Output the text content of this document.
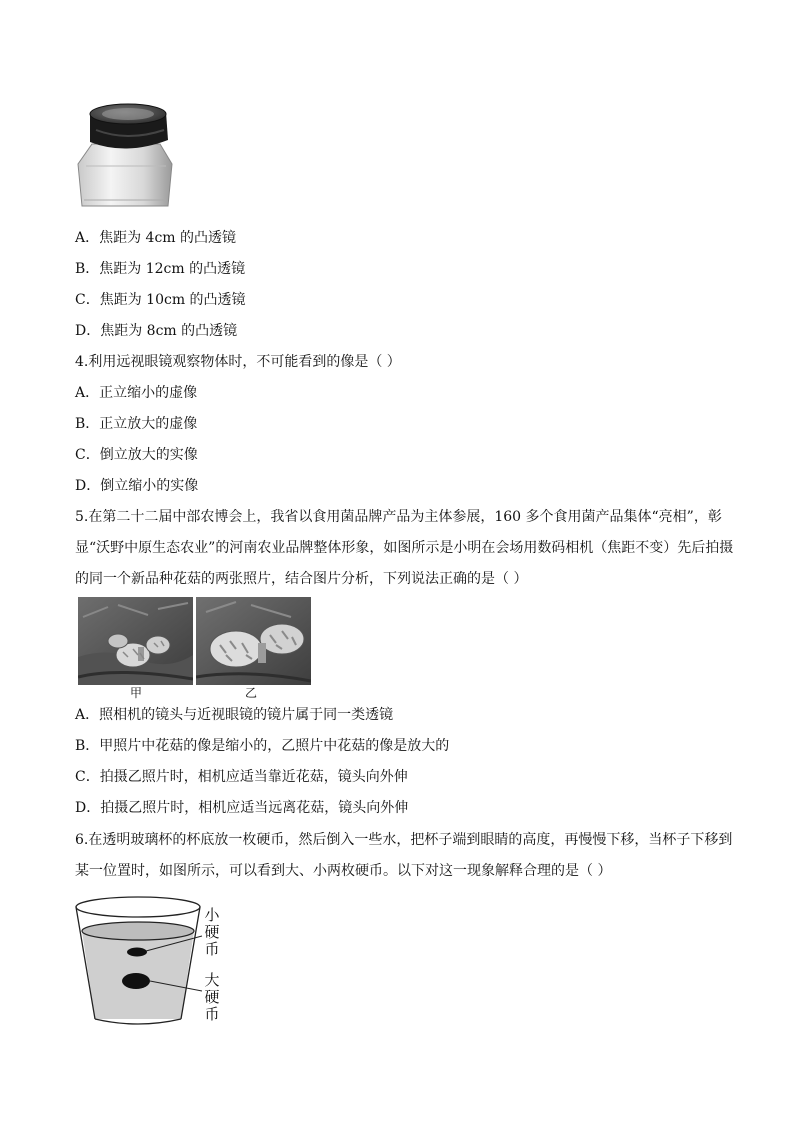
A．焦距为 4cm 的凸透镜
B．焦距为 12cm 的凸透镜
C．焦距为 10cm 的凸透镜
D．焦距为 8cm 的凸透镜
4.利用远视眼镜观察物体时，不可能看到的像是（ ）
A．正立缩小的虚像
B．正立放大的虚像
C．倒立放大的实像
D．倒立缩小的实像
5.在第二十二届中部农博会上，我省以食用菌品牌产品为主体参展，160 多个食用菌产品集体“亮相”，彰显“沃野中原生态农业”的河南农业品牌整体形象，如图所示是小明在会场用数码相机（焦距不变）先后拍摄的同一个新品种花菇的两张照片，结合图片分析，下列说法正确的是（ ）
甲	乙
A．照相机的镜头与近视眼镜的镜片属于同一类透镜
B．甲照片中花菇的像是缩小的，乙照片中花菇的像是放大的
C．拍摄乙照片时，相机应适当靠近花菇，镜头向外伸
D．拍摄乙照片时，相机应适当远离花菇，镜头向外伸
6.在透明玻璃杯的杯底放一枚硬币，然后倒入一些水，把杯子端到眼睛的高度，再慢慢下移，当杯子下移到某一位置时，如图所示，可以看到大、小两枚硬币。以下对这一现象解释合理的是（ ）
小硬币
大硬币
